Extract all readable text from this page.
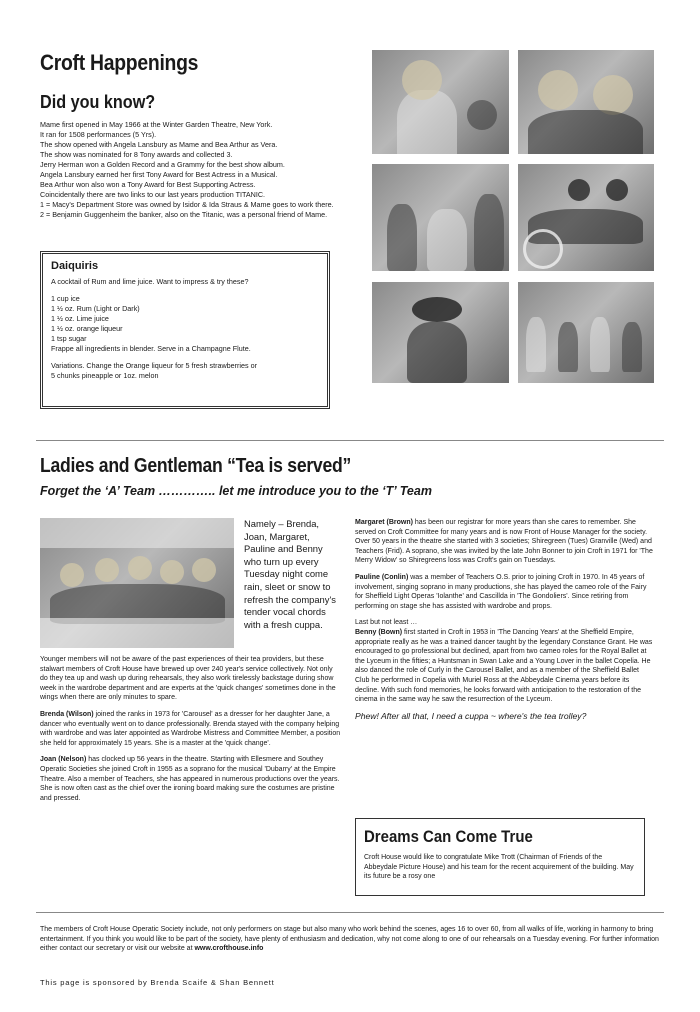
Croft Happenings
Did you know?

Mame first opened in May 1966 at the Winter Garden Theatre, New York.

It ran for 1508 performances (5 Yrs).

The show opened with Angela Lansbury as Mame and Bea Arthur as Vera.

The show was nominated for 8 Tony awards and collected 3.

Jerry Herman won a Golden Record and a Grammy for the best show album.

Angela Lansbury earned her first Tony Award for Best Actress in a Musical.

Bea Arthur won also won a Tony Award for Best Supporting Actress.

Coincidentally there are two links to our last years production TITANIC.

1 = Macy's Department Store was owned by Isidor & Ida Straus & Mame goes to work there.

2 = Benjamin Guggenheim the banker, also on the Titanic, was a personal friend of Mame.

Daiquiris

A cocktail of Rum and lime juice. Want to impress & try these?

1 cup ice

1 ½ oz. Rum (Light or Dark)

1 ½ oz. Lime juice

1 ½ oz. orange liqueur

1 tsp sugar

Frappe all ingredients in blender. Serve in a Champagne Flute.

Variations. Change the Orange liqueur for 5 fresh strawberries or

5 chunks pineapple or 1oz. melon

Ladies and Gentleman “Tea is served”
Forget the ‘A’ Team ………….. let me introduce you to the ‘T’ Team
Namely – Brenda, Joan, Margaret, Pauline and Benny who turn up every Tuesday night come rain, sleet or snow to refresh the company's tender vocal chords with a fresh cuppa.

Younger members will not be aware of the past experiences of their tea providers, but these stalwart members of Croft House have brewed up over 240 year's service collectively. Not only do they tea up and wash up during rehearsals, they also work tirelessly backstage during show week in the wardrobe department and are experts at the 'quick changes' sometimes done in the wings when there are only minutes to spare.

Brenda (Wilson) joined the ranks in 1973 for 'Carousel' as a dresser for her daughter Jane, a dancer who eventually went on to dance professionally. Brenda stayed with the company helping with wardrobe and was later appointed as Wardrobe Mistress and Committee Member, a position she held for approximately 15 years. She is a master at the 'quick change'.

Joan (Nelson) has clocked up 56 years in the theatre. Starting with Ellesmere and Southey Operatic Societies she joined Croft in 1955 as a soprano for the musical 'Dubarry' at the Empire Theatre. Also a member of Teachers, she has appeared in numerous productions over the years. She is now often cast as the chief over the ironing board making sure the costumes are pristine and pressed.

Margaret (Brown) has been our registrar for more years than she cares to remember. She served on Croft Committee for many years and is now Front of House Manager for the society. Over 50 years in the theatre she started with 3 societies; Shiregreen (Tues) Granville (Wed) and Teachers (Frid). A soprano, she was invited by the late John Bonner to join Croft in 1971 for 'The Merry Widow' so Shiregreens loss was Croft's gain on Tuesdays.

Pauline (Conlin) was a member of Teachers O.S. prior to joining Croft in 1970. In 45 years of involvement, singing soprano in many productions, she has played the cameo role of the Fairy for Sheffield Light Operas 'Iolanthe' and Cascillda in 'The Gondoliers'. Since retiring from performing on stage she has assisted with wardrobe and props.

Last but not least …

Benny (Bown) first started in Croft in 1953 in 'The Dancing Years' at the Sheffield Empire, appropriate really as he was a trained dancer taught by the legendary Constance Grant. He was encouraged to go professional but declined, apart from two cameo roles for the Royal Ballet at the Lyceum in the fifties; a Huntsman in Swan Lake and a Young Lover in the ballet Copelia. He also danced the role of Curly in the Carousel Ballet, and as a member of the Sheffield Ballet Club he performed in Copelia with Muriel Ross at the Abbeydale Cinema years before its decline. With such fond memories, he looks forward with anticipation to the restoration of the cinema in the same way he saw the resurrection of the Lyceum.

Phew! After all that, I need a cuppa ~ where's the tea trolley?

Dreams Can Come True
Croft House would like to congratulate Mike Trott (Chairman of Friends of the Abbeydale Picture House) and his team for the recent acquirement of the building. May its future be a rosy one
The members of Croft House Operatic Society include, not only performers on stage but also many who work behind the scenes, ages 16 to over 60, from all walks of life, working in harmony to bring entertainment. If you think you would like to be part of the society, have plenty of enthusiasm and dedication, why not come along to one of our rehearsals on a Tuesday evening. For further information either contact our secretary or visit our website at www.crofthouse.info
This page is sponsored by Brenda Scaife & Shan Bennett
